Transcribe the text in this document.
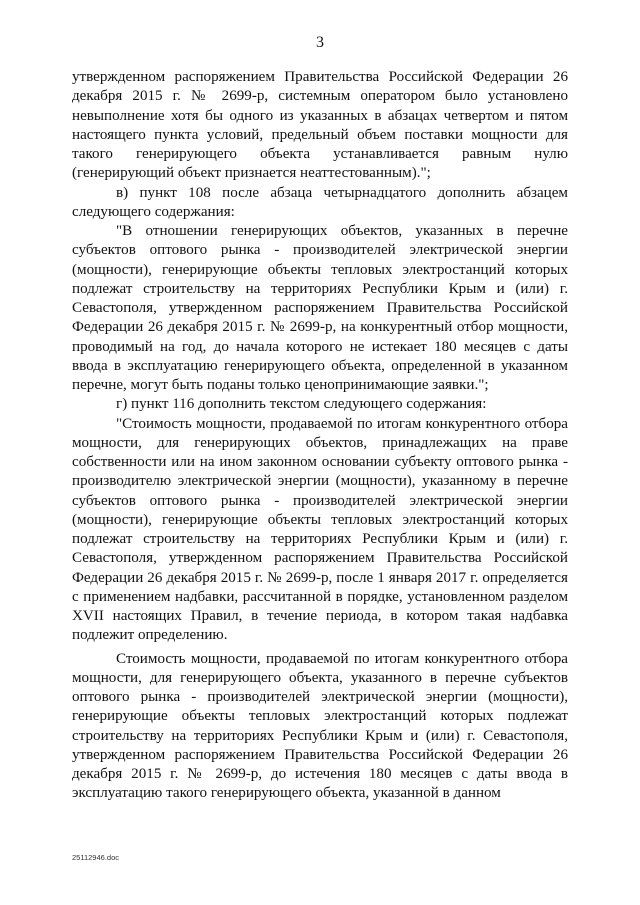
3

утвержденном распоряжением Правительства Российской Федерации 26 декабря 2015 г. № 2699-р, системным оператором было установлено невыполнение хотя бы одного из указанных в абзацах четвертом и пятом настоящего пункта условий, предельный объем поставки мощности для такого генерирующего объекта устанавливается равным нулю (генерирующий объект признается неаттестованным).";

в) пункт 108 после абзаца четырнадцатого дополнить абзацем следующего содержания:

"В отношении генерирующих объектов, указанных в перечне субъектов оптового рынка - производителей электрической энергии (мощности), генерирующие объекты тепловых электростанций которых подлежат строительству на территориях Республики Крым и (или) г. Севастополя, утвержденном распоряжением Правительства Российской Федерации 26 декабря 2015 г. № 2699-р, на конкурентный отбор мощности, проводимый на год, до начала которого не истекает 180 месяцев с даты ввода в эксплуатацию генерирующего объекта, определенной в указанном перечне, могут быть поданы только ценопринимающие заявки.";

г) пункт 116 дополнить текстом следующего содержания:

"Стоимость мощности, продаваемой по итогам конкурентного отбора мощности, для генерирующих объектов, принадлежащих на праве собственности или на ином законном основании субъекту оптового рынка - производителю электрической энергии (мощности), указанному в перечне субъектов оптового рынка - производителей электрической энергии (мощности), генерирующие объекты тепловых электростанций которых подлежат строительству на территориях Республики Крым и (или) г. Севастополя, утвержденном распоряжением Правительства Российской Федерации 26 декабря 2015 г. № 2699-р, после 1 января 2017 г. определяется с применением надбавки, рассчитанной в порядке, установленном разделом XVII настоящих Правил, в течение периода, в котором такая надбавка подлежит определению.

Стоимость мощности, продаваемой по итогам конкурентного отбора мощности, для генерирующего объекта, указанного в перечне субъектов оптового рынка - производителей электрической энергии (мощности), генерирующие объекты тепловых электростанций которых подлежат строительству на территориях Республики Крым и (или) г. Севастополя, утвержденном распоряжением Правительства Российской Федерации 26 декабря 2015 г. № 2699-р, до истечения 180 месяцев с даты ввода в эксплуатацию такого генерирующего объекта, указанной в данном

25112946.doc
